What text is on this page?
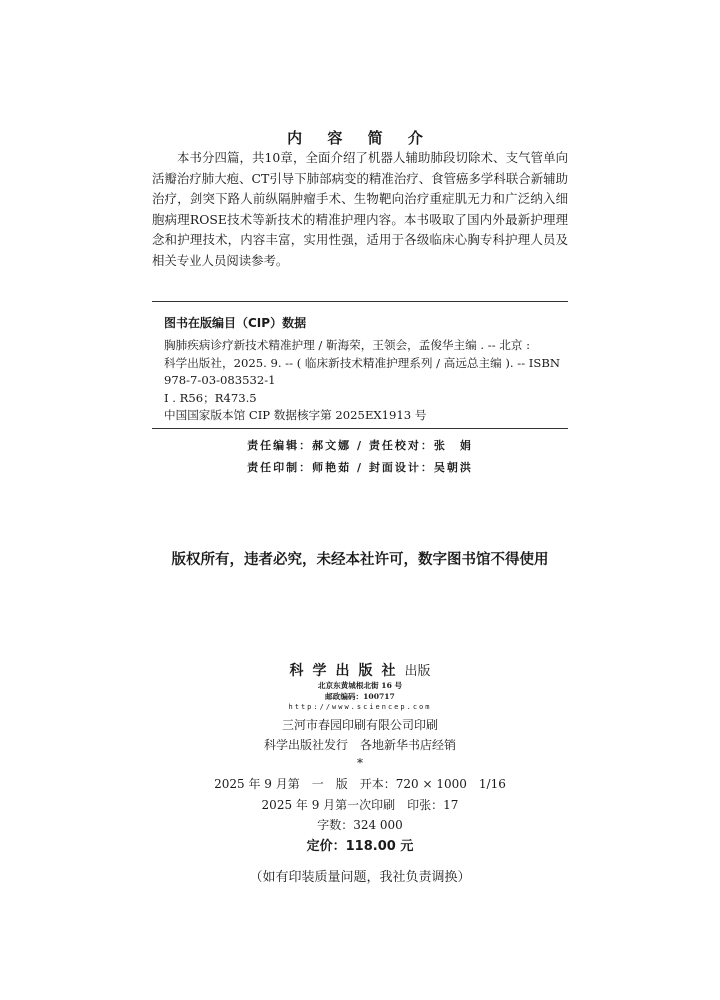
内 容 简 介

本书分四篇，共10章，全面介绍了机器人辅助肺段切除术、支气管单向活瓣治疗肺大疱、CT引导下肺部病变的精准治疗、食管癌多学科联合新辅助治疗，剑突下路人前纵隔肿瘤手术、生物靶向治疗重症肌无力和广泛纳入细胞病理ROSE技术等新技术的精准护理内容。本书吸取了国内外最新护理理念和护理技术，内容丰富，实用性强，适用于各级临床心胸专科护理人员及相关专业人员阅读参考。

图书在版编目（CIP）数据
胸肺疾病诊疗新技术精准护理 / 靳海荣，王领会，孟俊华主编 . -- 北京 :
科学出版社，2025. 9. -- ( 临床新技术精准护理系列 / 高远总主编 ). -- ISBN
978-7-03-083532-1
Ⅰ . R56；R473.5
中国国家版本馆 CIP 数据核字第 2025EX1913 号
责任编辑：郝文娜 / 责任校对：张　娟
责任印制：师艳茹 / 封面设计：吴朝洪
版权所有，违者必究，未经本社许可，数字图书馆不得使用
科学出版社出版
北京东黄城根北街 16 号
邮政编码：100717
http://www.sciencep.com
三河市春园印刷有限公司印刷
科学出版社发行　各地新华书店经销
*
2025 年 9 月第　一　版　开本：720 × 1000　1/16
2025 年 9 月第一次印刷　印张：17
字数：324 000
定价：118.00 元
（如有印装质量问题，我社负责调换）
